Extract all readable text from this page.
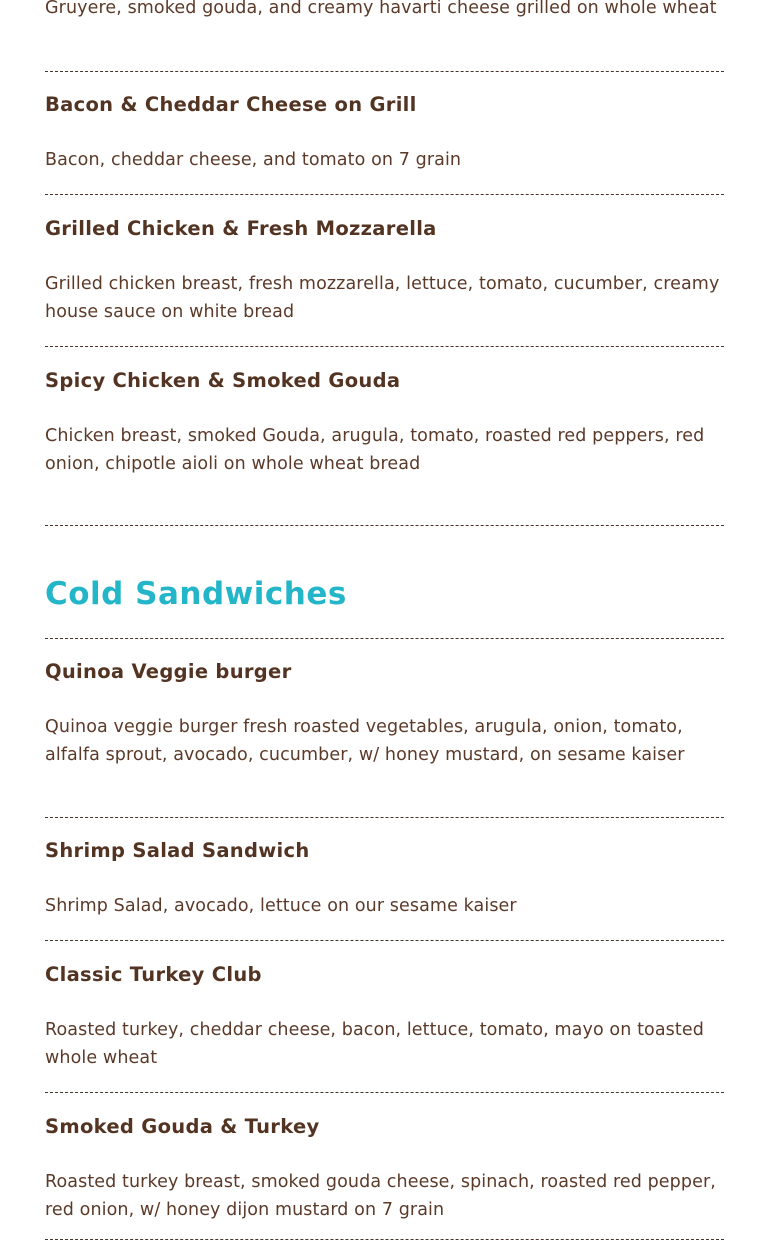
Gruyere, smoked gouda, and creamy havarti cheese grilled on whole wheat

Bacon & Cheddar Cheese on Grill

Bacon, cheddar cheese, and tomato on 7 grain

Grilled Chicken & Fresh Mozzarella

Grilled chicken breast, fresh mozzarella, lettuce, tomato, cucumber, creamy house sauce on white bread

Spicy Chicken & Smoked Gouda

Chicken breast, smoked Gouda, arugula, tomato, roasted red peppers, red onion, chipotle aioli on whole wheat bread

Cold Sandwiches
Quinoa Veggie burger

Quinoa veggie burger fresh roasted vegetables, arugula, onion, tomato, alfalfa sprout, avocado, cucumber, w/ honey mustard, on sesame kaiser

Shrimp Salad Sandwich

Shrimp Salad, avocado, lettuce on our sesame kaiser

Classic Turkey Club

Roasted turkey, cheddar cheese, bacon, lettuce, tomato, mayo on toasted whole wheat

Smoked Gouda & Turkey

Roasted turkey breast, smoked gouda cheese, spinach, roasted red pepper, red onion, w/ honey dijon mustard on 7 grain
